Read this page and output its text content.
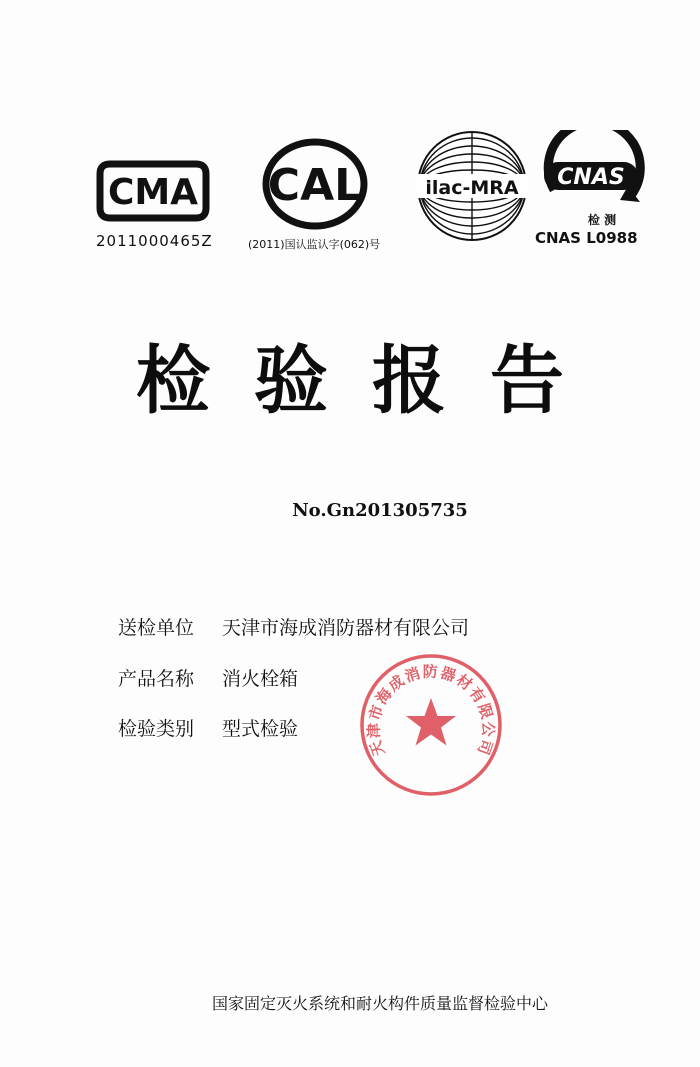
CMA
2011000465Z
CAL
(2011)国认监认字(062)号
ilac-MRA CNAS
检 测
CNAS L0988
检验报告
No.Gn201305735
送检单位 天津市海成消防器材有限公司
产品名称 消火栓箱
检验类别 型式检验
天津市海成消防器材有限公司
国家固定灭火系统和耐火构件质量监督检验中心
